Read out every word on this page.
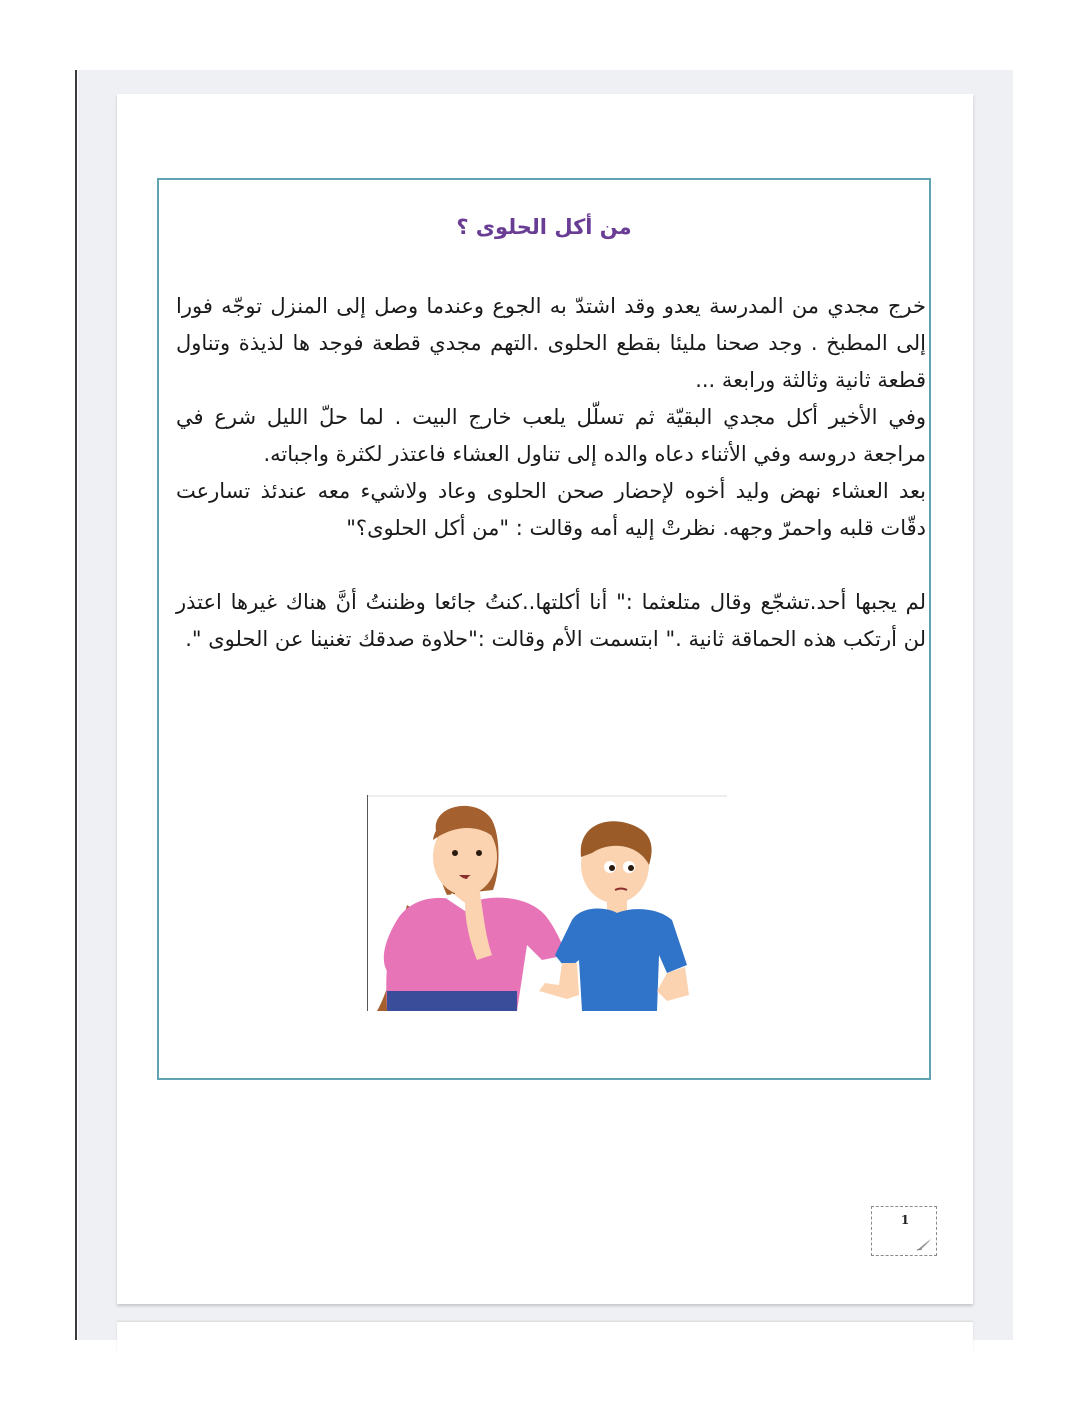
من أكل الحلوى ؟

خرج مجدي من المدرسة يعدو وقد اشتدّ به الجوع وعندما وصل إلى المنزل توجّه فورا إلى المطبخ . وجد صحنا مليئا بقطع الحلوى .التهم مجدي قطعة فوجد ها لذيذة وتناول قطعة ثانية وثالثة ورابعة ...

وفي الأخير أكل مجدي البقيّة ثم تسلّل يلعب خارج البيت . لما حلّ الليل شرع في مراجعة دروسه وفي الأثناء دعاه والده إلى تناول العشاء فاعتذر لكثرة واجباته.

بعد العشاء نهض وليد أخوه لإحضار صحن الحلوى وعاد ولاشيء معه عندئذ تسارعت دقّات قلبه واحمرّ وجهه. نظرتْ إليه أمه وقالت : "من أكل الحلوى؟"

لم يجبها أحد.تشجّع وقال متلعثما :" أنا أكلتها..كنتُ جائعا وظننتُ أنَّ هناك غيرها اعتذر لن أرتكب هذه الحماقة ثانية ." ابتسمت الأم وقالت :"حلاوة صدقك تغنينا عن الحلوى ".

1
